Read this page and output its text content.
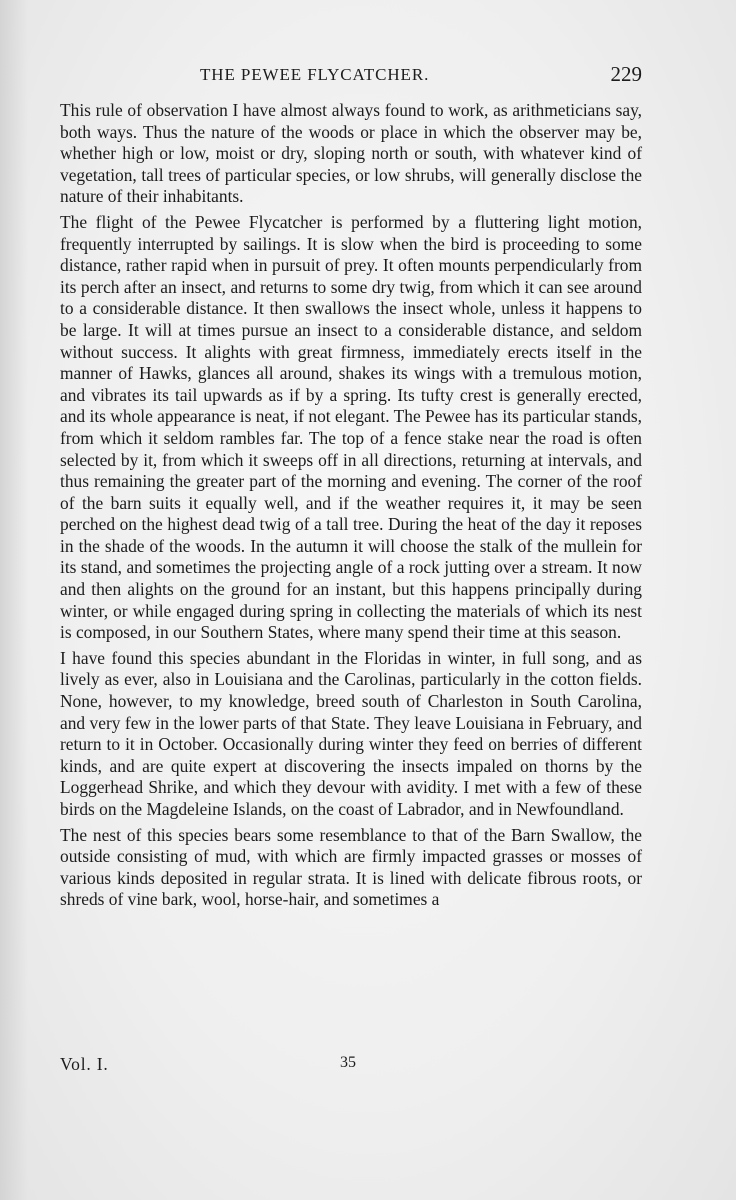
THE PEWEE FLYCATCHER.	229

This rule of observation I have almost always found to work, as arithmeticians say, both ways. Thus the nature of the woods or place in which the observer may be, whether high or low, moist or dry, sloping north or south, with whatever kind of vegetation, tall trees of particular species, or low shrubs, will generally disclose the nature of their inhabitants.

The flight of the Pewee Flycatcher is performed by a fluttering light motion, frequently interrupted by sailings. It is slow when the bird is proceeding to some distance, rather rapid when in pursuit of prey. It often mounts perpendicularly from its perch after an insect, and returns to some dry twig, from which it can see around to a considerable distance. It then swallows the insect whole, unless it happens to be large. It will at times pursue an insect to a considerable distance, and seldom without success. It alights with great firmness, immediately erects itself in the manner of Hawks, glances all around, shakes its wings with a tremulous motion, and vibrates its tail upwards as if by a spring. Its tufty crest is generally erected, and its whole appearance is neat, if not elegant. The Pewee has its particular stands, from which it seldom rambles far. The top of a fence stake near the road is often selected by it, from which it sweeps off in all directions, returning at intervals, and thus remaining the greater part of the morning and evening. The corner of the roof of the barn suits it equally well, and if the weather requires it, it may be seen perched on the highest dead twig of a tall tree. During the heat of the day it reposes in the shade of the woods. In the autumn it will choose the stalk of the mullein for its stand, and sometimes the projecting angle of a rock jutting over a stream. It now and then alights on the ground for an instant, but this happens principally during winter, or while engaged during spring in collecting the materials of which its nest is composed, in our Southern States, where many spend their time at this season.

I have found this species abundant in the Floridas in winter, in full song, and as lively as ever, also in Louisiana and the Carolinas, particularly in the cotton fields. None, however, to my knowledge, breed south of Charleston in South Carolina, and very few in the lower parts of that State. They leave Louisiana in February, and return to it in October. Occasionally during winter they feed on berries of different kinds, and are quite expert at discovering the insects impaled on thorns by the Loggerhead Shrike, and which they devour with avidity. I met with a few of these birds on the Magdeleine Islands, on the coast of Labrador, and in Newfoundland.

The nest of this species bears some resemblance to that of the Barn Swallow, the outside consisting of mud, with which are firmly impacted grasses or mosses of various kinds deposited in regular strata. It is lined with delicate fibrous roots, or shreds of vine bark, wool, horse-hair, and sometimes a

Vol. I.	35
